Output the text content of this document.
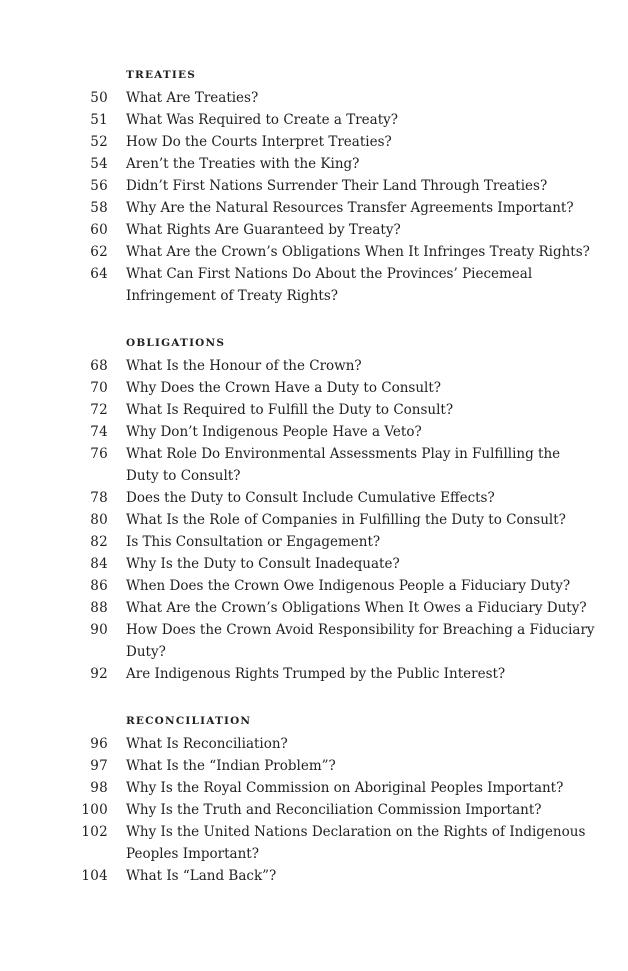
TREATIES
50 What Are Treaties?
51 What Was Required to Create a Treaty?
52 How Do the Courts Interpret Treaties?
54 Aren’t the Treaties with the King?
56 Didn’t First Nations Surrender Their Land Through Treaties?
58 Why Are the Natural Resources Transfer Agreements Important?
60 What Rights Are Guaranteed by Treaty?
62 What Are the Crown’s Obligations When It Infringes Treaty Rights?
64 What Can First Nations Do About the Provinces’ Piecemeal Infringement of Treaty Rights?
OBLIGATIONS
68 What Is the Honour of the Crown?
70 Why Does the Crown Have a Duty to Consult?
72 What Is Required to Fulfill the Duty to Consult?
74 Why Don’t Indigenous People Have a Veto?
76 What Role Do Environmental Assessments Play in Fulfilling the Duty to Consult?
78 Does the Duty to Consult Include Cumulative Effects?
80 What Is the Role of Companies in Fulfilling the Duty to Consult?
82 Is This Consultation or Engagement?
84 Why Is the Duty to Consult Inadequate?
86 When Does the Crown Owe Indigenous People a Fiduciary Duty?
88 What Are the Crown’s Obligations When It Owes a Fiduciary Duty?
90 How Does the Crown Avoid Responsibility for Breaching a Fiduciary Duty?
92 Are Indigenous Rights Trumped by the Public Interest?
RECONCILIATION
96 What Is Reconciliation?
97 What Is the “Indian Problem”?
98 Why Is the Royal Commission on Aboriginal Peoples Important?
100 Why Is the Truth and Reconciliation Commission Important?
102 Why Is the United Nations Declaration on the Rights of Indigenous Peoples Important?
104 What Is “Land Back”?
